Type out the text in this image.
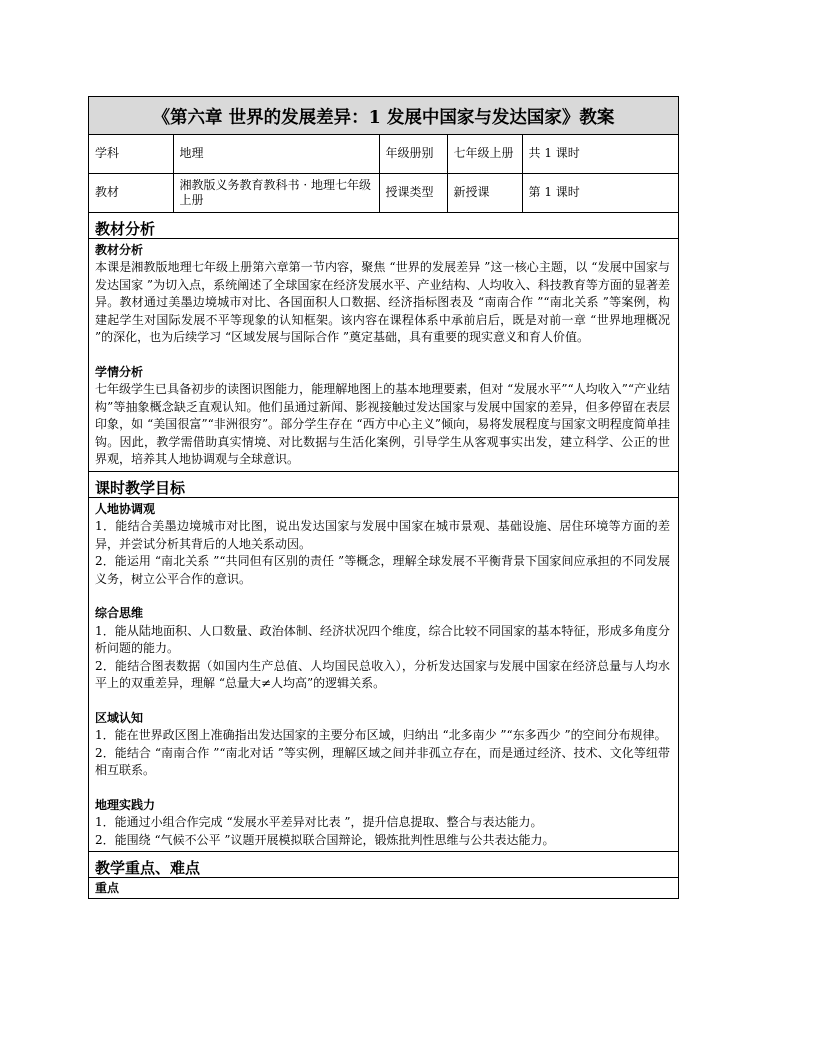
《第六章 世界的发展差异：1 发展中国家与发达国家》教案
学科	地理	年级册别	七年级上册	共 1 课时
教材	湘教版义务教育教科书 · 地理七年级上册	授课类型	新授课	第 1 课时
教材分析
教材分析
本课是湘教版地理七年级上册第六章第一节内容，聚焦 “世界的发展差异 ”这一核心主题，以 “发展中国家与发达国家 ”为切入点，系统阐述了全球国家在经济发展水平、产业结构、人均收入、科技教育等方面的显著差异。教材通过美墨边境城市对比、各国面积人口数据、经济指标图表及 “南南合作 ”“南北关系 ”等案例，构建起学生对国际发展不平等现象的认知框架。该内容在课程体系中承前启后，既是对前一章 “世界地理概况 ”的深化，也为后续学习 “区域发展与国际合作 ”奠定基础，具有重要的现实意义和育人价值。
学情分析
七年级学生已具备初步的读图识图能力，能理解地图上的基本地理要素，但对 “发展水平”“人均收入”“产业结构”等抽象概念缺乏直观认知。他们虽通过新闻、影视接触过发达国家与发展中国家的差异，但多停留在表层印象，如 “美国很富”“非洲很穷”。部分学生存在 “西方中心主义”倾向，易将发展程度与国家文明程度简单挂钩。因此，教学需借助真实情境、对比数据与生活化案例，引导学生从客观事实出发，建立科学、公正的世界观，培养其人地协调观与全球意识。
课时教学目标
人地协调观
1．能结合美墨边境城市对比图，说出发达国家与发展中国家在城市景观、基础设施、居住环境等方面的差异，并尝试分析其背后的人地关系动因。
2．能运用 “南北关系 ”“共同但有区别的责任 ”等概念，理解全球发展不平衡背景下国家间应承担的不同发展义务，树立公平合作的意识。
综合思维
1．能从陆地面积、人口数量、政治体制、经济状况四个维度，综合比较不同国家的基本特征，形成多角度分析问题的能力。
2．能结合图表数据（如国内生产总值、人均国民总收入），分析发达国家与发展中国家在经济总量与人均水平上的双重差异，理解 “总量大≠人均高”的逻辑关系。
区域认知
1．能在世界政区图上准确指出发达国家的主要分布区域，归纳出 “北多南少 ”“东多西少 ”的空间分布规律。
2．能结合 “南南合作 ”“南北对话 ”等实例，理解区域之间并非孤立存在，而是通过经济、技术、文化等纽带相互联系。
地理实践力
1．能通过小组合作完成 “发展水平差异对比表 ”，提升信息提取、整合与表达能力。
2．能围绕 “气候不公平 ”议题开展模拟联合国辩论，锻炼批判性思维与公共表达能力。
教学重点、难点
重点
